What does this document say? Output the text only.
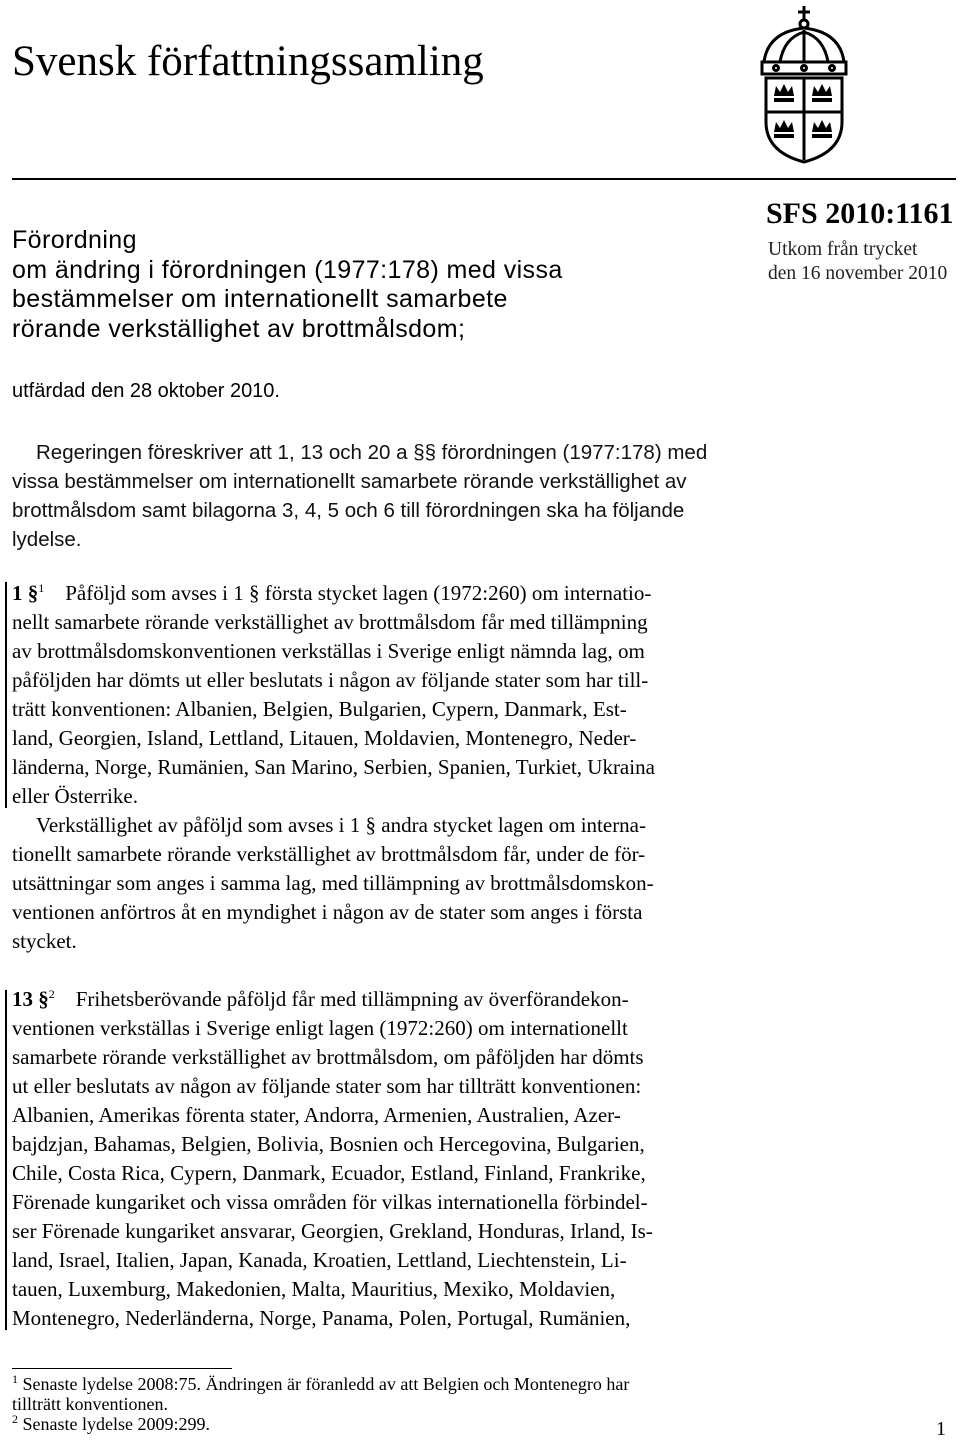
Svensk författningssamling
Förordning
om ändring i förordningen (1977:178) med vissa
bestämmelser om internationellt samarbete
rörande verkställighet av brottmålsdom;
SFS 2010:1161
Utkom från trycket
den 16 november 2010
utfärdad den 28 oktober 2010.
Regeringen föreskriver att 1, 13 och 20 a §§ förordningen (1977:178) med
vissa bestämmelser om internationellt samarbete rörande verkställighet av
brottmålsdom samt bilagorna 3, 4, 5 och 6 till förordningen ska ha följande
lydelse.
1 §$^1$ Påföljd som avses i 1 § första stycket lagen (1972:260) om internatio-
nellt samarbete rörande verkställighet av brottmålsdom får med tillämpning
av brottmålsdomskonventionen verkställas i Sverige enligt nämnda lag, om
påföljden har dömts ut eller beslutats i någon av följande stater som har till-
trätt konventionen: Albanien, Belgien, Bulgarien, Cypern, Danmark, Est-
land, Georgien, Island, Lettland, Litauen, Moldavien, Montenegro, Neder-
länderna, Norge, Rumänien, San Marino, Serbien, Spanien, Turkiet, Ukraina
eller Österrike.
Verkställighet av påföljd som avses i 1 § andra stycket lagen om interna-
tionellt samarbete rörande verkställighet av brottmålsdom får, under de för-
utsättningar som anges i samma lag, med tillämpning av brottmålsdomskon-
ventionen anförtros åt en myndighet i någon av de stater som anges i första
stycket.
13 §$^2$ Frihetsberövande påföljd får med tillämpning av överförandekon-
ventionen verkställas i Sverige enligt lagen (1972:260) om internationellt
samarbete rörande verkställighet av brottmålsdom, om påföljden har dömts
ut eller beslutats av någon av följande stater som har tillträtt konventionen:
Albanien, Amerikas förenta stater, Andorra, Armenien, Australien, Azer-
bajdzjan, Bahamas, Belgien, Bolivia, Bosnien och Hercegovina, Bulgarien,
Chile, Costa Rica, Cypern, Danmark, Ecuador, Estland, Finland, Frankrike,
Förenade kungariket och vissa områden för vilkas internationella förbindel-
ser Förenade kungariket ansvarar, Georgien, Grekland, Honduras, Irland, Is-
land, Israel, Italien, Japan, Kanada, Kroatien, Lettland, Liechtenstein, Li-
tauen, Luxemburg, Makedonien, Malta, Mauritius, Mexiko, Moldavien,
Montenegro, Nederländerna, Norge, Panama, Polen, Portugal, Rumänien,
$^1$ Senaste lydelse 2008:75. Ändringen är föranledd av att Belgien och Montenegro har
tillträtt konventionen.
$^2$ Senaste lydelse 2009:299.	1
